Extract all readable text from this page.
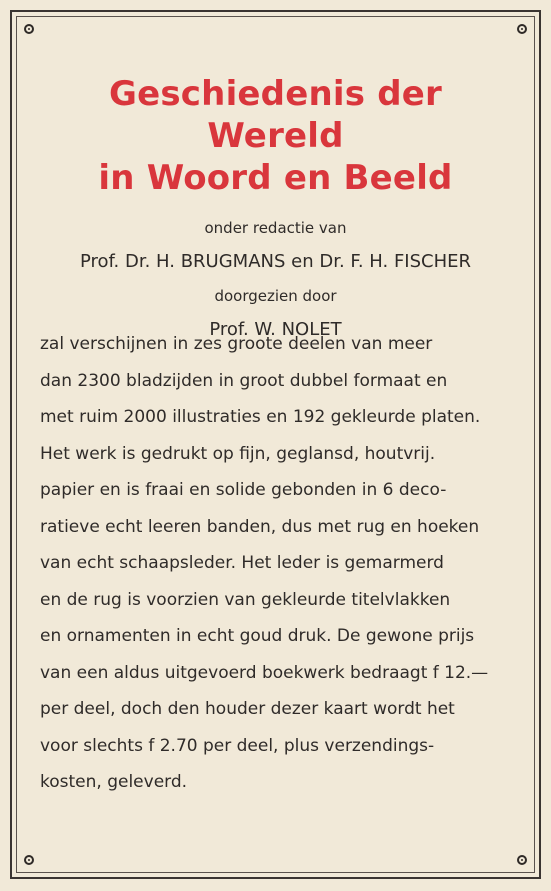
Geschiedenis der Wereld
in Woord en Beeld

onder redactie van

Prof. Dr. H. BRUGMANS en Dr. F. H. FISCHER

doorgezien door

Prof. W. NOLET

zal verschijnen in zes groote deelen van meer

dan 2300 bladzijden in groot dubbel formaat en

met ruim 2000 illustraties en 192 gekleurde platen.

Het werk is gedrukt op fijn, geglansd, houtvrij.

papier en is fraai en solide gebonden in 6 deco-

ratieve echt leeren banden, dus met rug en hoeken

van echt schaapsleder. Het leder is gemarmerd

en de rug is voorzien van gekleurde titelvlakken

en ornamenten in echt goud druk. De gewone prijs

van een aldus uitgevoerd boekwerk bedraagt f 12.—

per deel, doch den houder dezer kaart wordt het

voor slechts f 2.70 per deel, plus verzendings-

kosten, geleverd.
